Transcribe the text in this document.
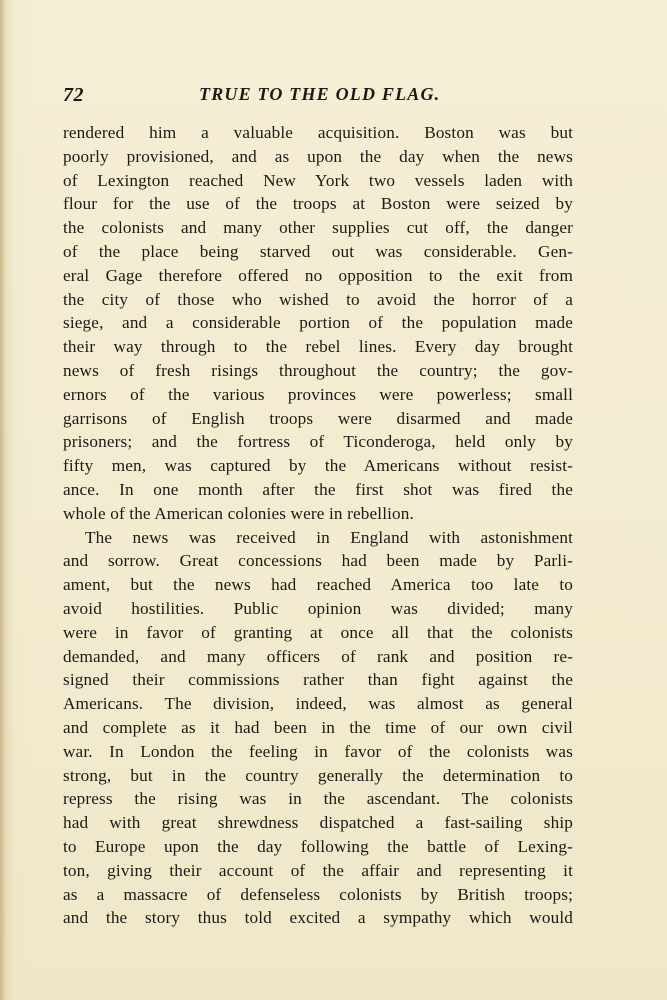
72	TRUE TO THE OLD FLAG.
rendered him a valuable acquisition. Boston was but
poorly provisioned, and as upon the day when the news
of Lexington reached New York two vessels laden with
flour for the use of the troops at Boston were seized by
the colonists and many other supplies cut off, the danger
of the place being starved out was considerable. Gen-
eral Gage therefore offered no opposition to the exit from
the city of those who wished to avoid the horror of a
siege, and a considerable portion of the population made
their way through to the rebel lines. Every day brought
news of fresh risings throughout the country; the gov-
ernors of the various provinces were powerless; small
garrisons of English troops were disarmed and made
prisoners; and the fortress of Ticonderoga, held only by
fifty men, was captured by the Americans without resist-
ance. In one month after the first shot was fired the
whole of the American colonies were in rebellion.
The news was received in England with astonishment
and sorrow. Great concessions had been made by Parli-
ament, but the news had reached America too late to
avoid hostilities. Public opinion was divided; many
were in favor of granting at once all that the colonists
demanded, and many officers of rank and position re-
signed their commissions rather than fight against the
Americans. The division, indeed, was almost as general
and complete as it had been in the time of our own civil
war. In London the feeling in favor of the colonists was
strong, but in the country generally the determination to
repress the rising was in the ascendant. The colonists
had with great shrewdness dispatched a fast-sailing ship
to Europe upon the day following the battle of Lexing-
ton, giving their account of the affair and representing it
as a massacre of defenseless colonists by British troops;
and the story thus told excited a sympathy which would
